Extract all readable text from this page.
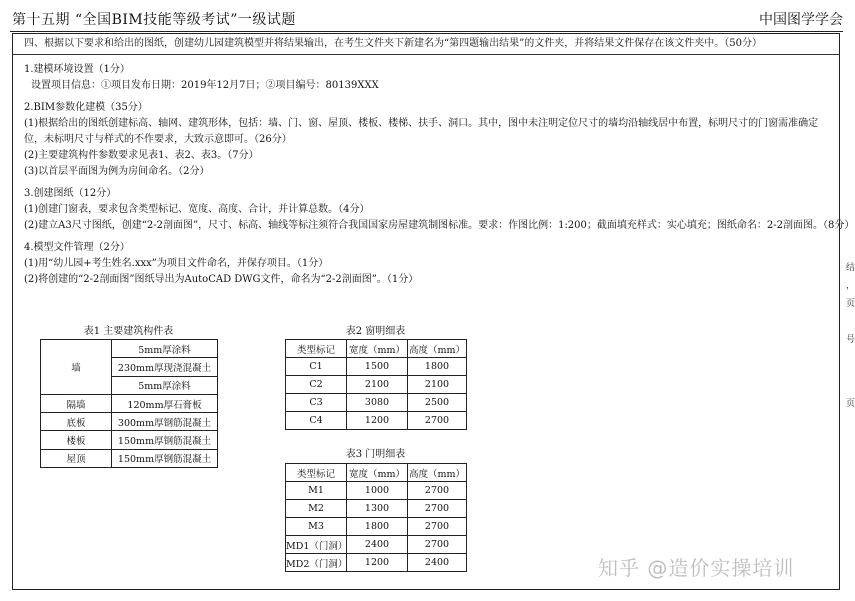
第十五期 “全国BIM技能等级考试”一级试题	中国图学学会
四、根据以下要求和给出的图纸，创建幼儿园建筑模型并将结果输出，在考生文件夹下新建名为“第四题输出结果”的文件夹，并将结果文件保存在该文件夹中。（50分）
1.建模环境设置（1分）
设置项目信息：①项目发布日期：2019年12月7日；②项目编号：80139XXX
2.BIM参数化建模（35分）
(1)根据给出的图纸创建标高、轴网、建筑形体，包括：墙、门、窗、屋顶、楼板、楼梯、扶手、洞口。其中，图中未注明定位尺寸的墙均沿轴线居中布置，标明尺寸的门窗需准确定位，未标明尺寸与样式的不作要求，大致示意即可。（26分）
(2)主要建筑构件参数要求见表1、表2、表3。（7分）
(3)以首层平面图为例为房间命名。（2分）
3.创建图纸（12分）
(1)创建门窗表，要求包含类型标记、宽度、高度、合计，并计算总数。（4分）
(2)建立A3尺寸图纸，创建“2-2剖面图”，尺寸、标高、轴线等标注须符合我国国家房屋建筑制图标准。要求：作图比例：1:200；截面填充样式：实心填充；图纸命名：2-2剖面图。（8分）
4.模型文件管理（2分）
(1)用“幼儿园+考生姓名.xxx”为项目文件命名，并保存项目。（1分）
(2)将创建的“2-2剖面图”图纸导出为AutoCAD DWG文件，命名为“2-2剖面图”。（1分）
表1 主要建筑构件表
墙	5mm厚涂料
	230mm厚现浇混凝土
	5mm厚涂料
隔墙	120mm厚石膏板
底板	300mm厚钢筋混凝土
楼板	150mm厚钢筋混凝土
屋顶	150mm厚钢筋混凝土
表2 窗明细表
类型标记	宽度（mm）	高度（mm）
C1	1500	1800
C2	2100	2100
C3	3080	2500
C4	1200	2700
表3 门明细表
类型标记	宽度（mm）	高度（mm）
M1	1000	2700
M2	1300	2700
M3	1800	2700
MD1（门洞）	2400	2700
MD2（门洞）	1200	2400
结
，
页
号
页
知乎 @造价实操培训
